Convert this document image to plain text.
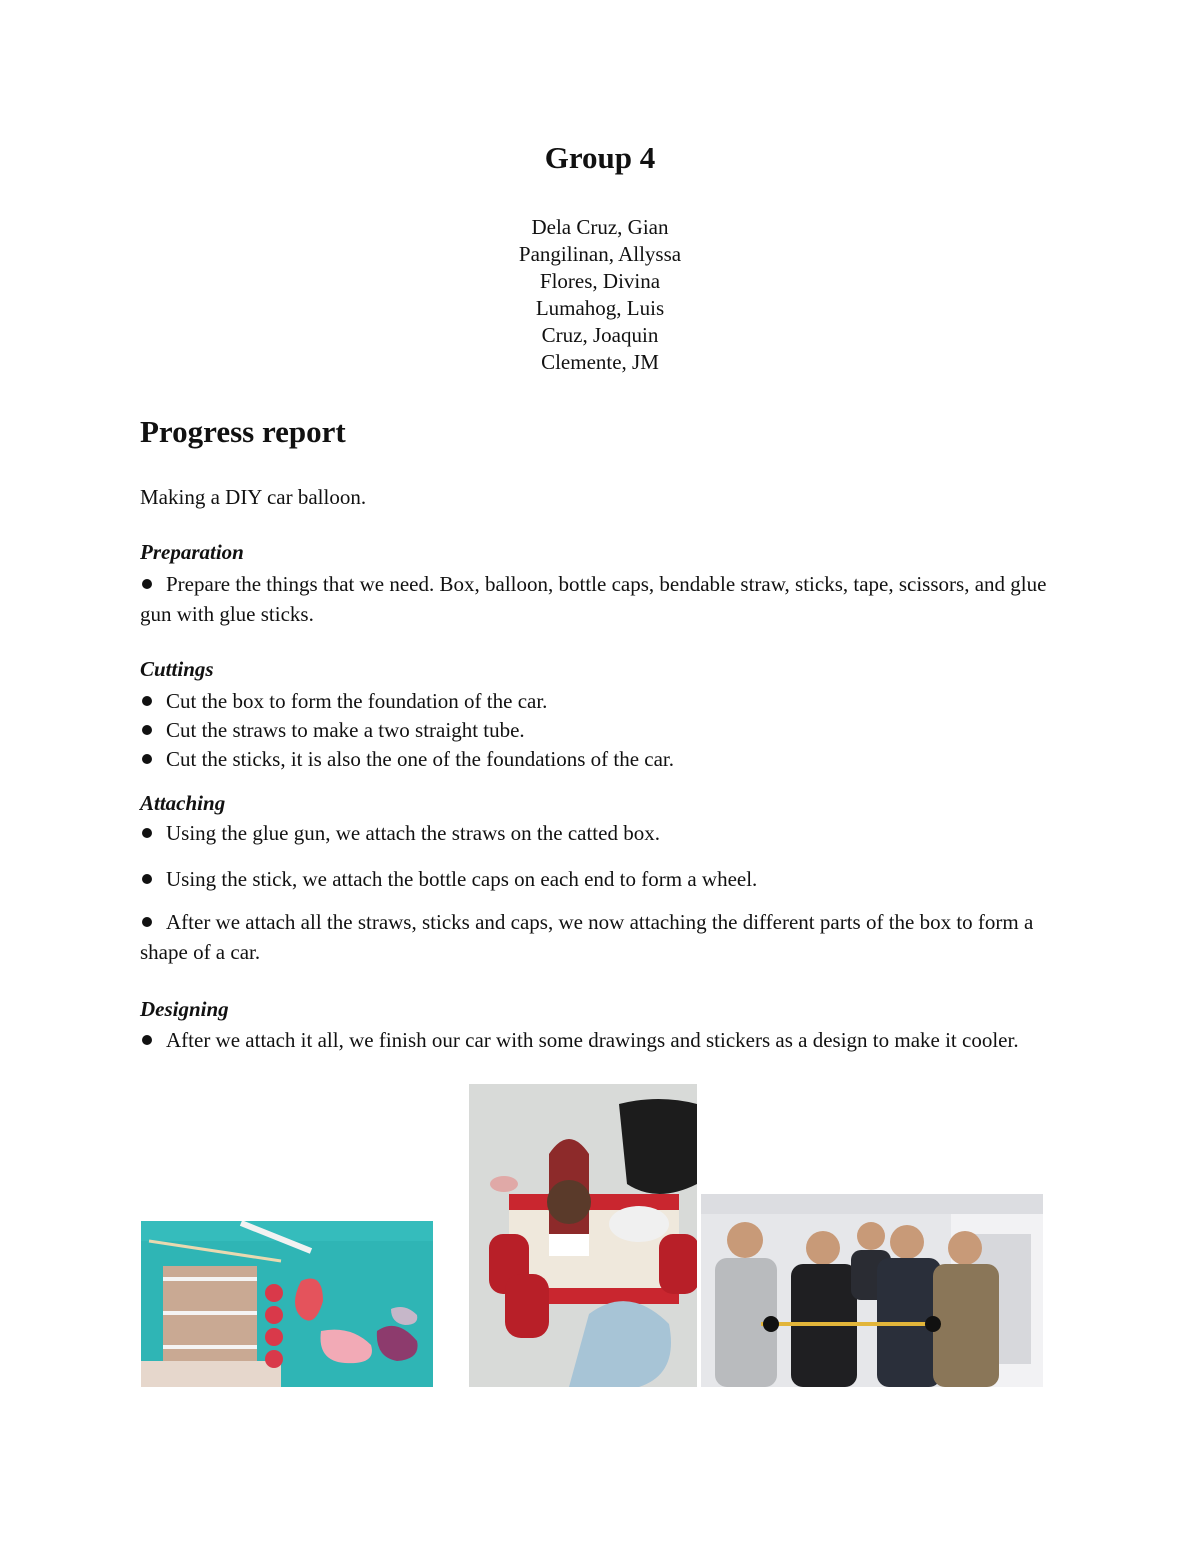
Group 4
Dela Cruz, Gian
Pangilinan, Allyssa
Flores, Divina
Lumahog, Luis
Cruz, Joaquin
Clemente, JM
Progress report
Making a DIY car balloon.
Preparation
Prepare the things that we need. Box, balloon, bottle caps, bendable straw, sticks, tape, scissors, and glue gun with glue sticks.
Cuttings
Cut the box to form the foundation of the car.
Cut the straws to make a two straight tube.
Cut the sticks, it is also the one of the foundations of the car.
Attaching
Using the glue gun, we attach the straws on the catted box.
Using the stick, we attach the bottle caps on each end to form a wheel.
After we attach all the straws, sticks and caps, we now attaching the different parts of the box to form a shape of a car.
Designing
After we attach it all, we finish our car with some drawings and stickers as a design to make it cooler.
